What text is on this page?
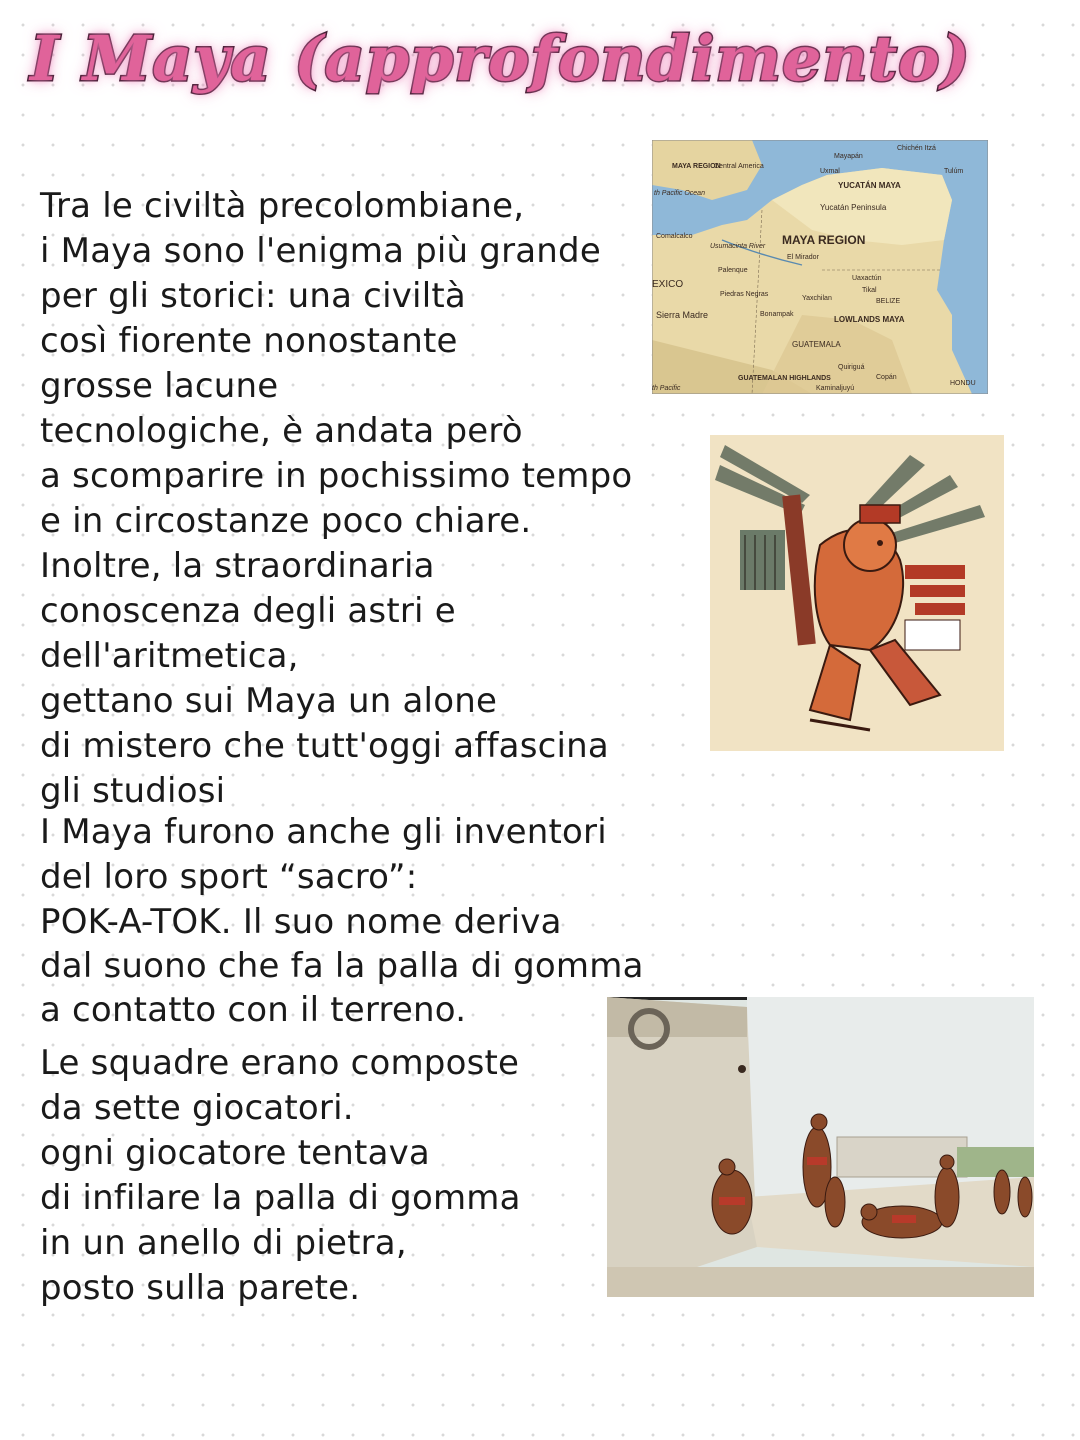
I Maya (approfondimento)
Tra le civiltà precolombiane,
i Maya sono l'enigma più grande
per gli storici: una civiltà
così fiorente nonostante
grosse lacune
tecnologiche, è andata però
a scomparire in pochissimo tempo
e in circostanze poco chiare.
Inoltre, la straordinaria
conoscenza degli astri e
dell'aritmetica,
gettano sui Maya un alone
di mistero che tutt'oggi affascina
gli studiosi
I Maya furono anche gli inventori
del loro sport “sacro”:
POK-A-TOK. Il suo nome deriva
dal suono che fa la palla di gomma
a contatto con il terreno.
Le squadre erano composte
da sette giocatori.
ogni giocatore tentava
di infilare la palla di gomma
in un anello di pietra,
posto sulla parete.
MAYA REGION
Central America
th Pacific Ocean
Mayapán
Chichén Itzá
Uxmal	Tulúm
YUCATÁN MAYA
Yucatán Peninsula
Comalcalco
Usumacinta River MAYA REGION
El Mirador
Palenque
EXICO
Uaxactún
Tikal
Piedras Negras
Yaxchilan	BELIZE
Sierra Madre	Bonampak
LOWLANDS MAYA
GUATEMALA
Quiriguá
Copán
GUATEMALAN HIGHLANDS
Kaminaljuyú
th Pacific
HONDU
